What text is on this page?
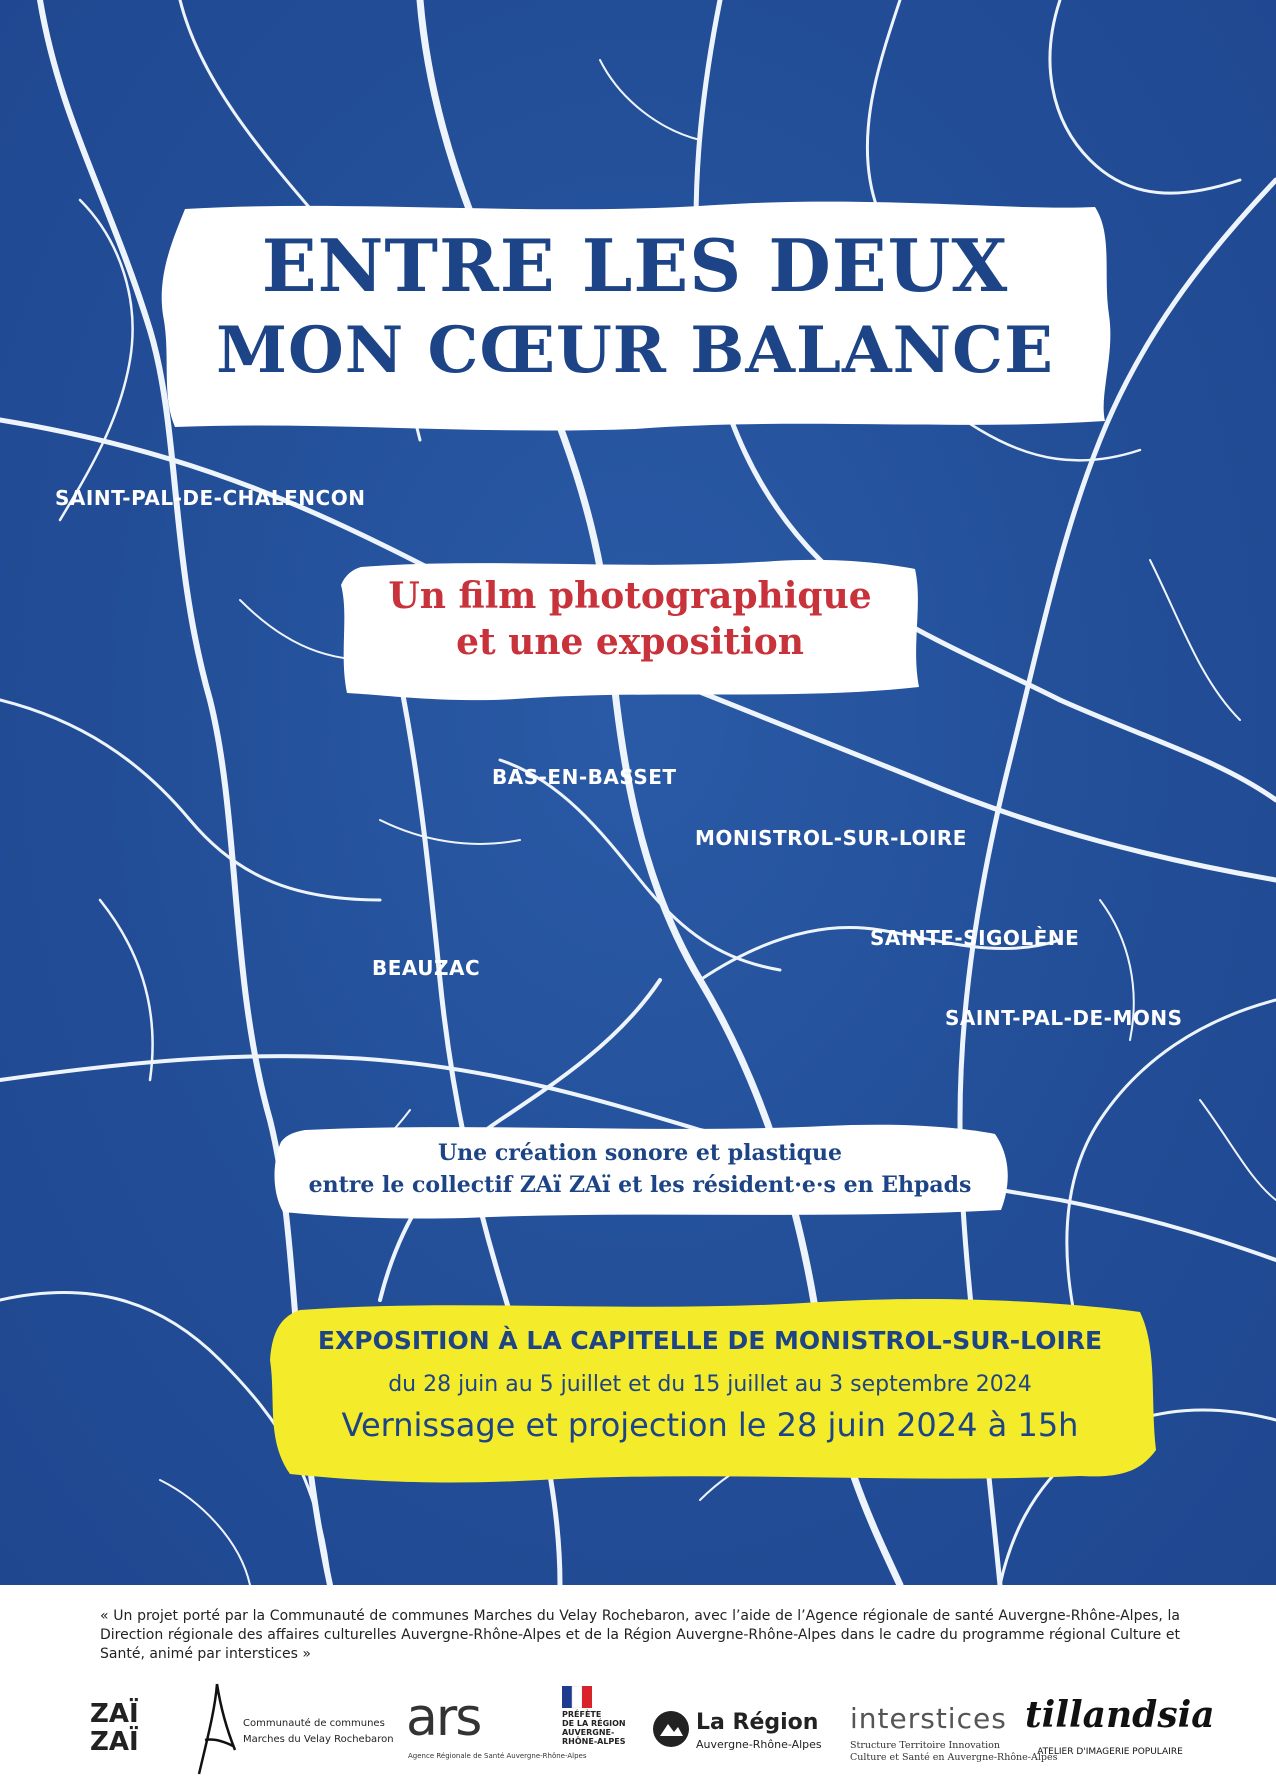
ENTRE LES DEUX
MON CŒUR BALANCE
SAINT-PAL-DE-CHALENCON
Un film photographique
et une exposition
BAS-EN-BASSET
MONISTROL-SUR-LOIRE
SAINTE-SIGOLÈNE
BEAUZAC
SAINT-PAL-DE-MONS
Une création sonore et plastique
entre le collectif ZAï ZAï et les résident·e·s en Ehpads
EXPOSITION À LA CAPITELLE DE MONISTROL-SUR-LOIRE
du 28 juin au 5 juillet et du 15 juillet au 3 septembre 2024
Vernissage et projection le 28 juin 2024 à 15h
« Un projet porté par la Communauté de communes Marches du Velay Rochebaron, avec l’aide de l’Agence régionale de santé Auvergne-Rhône-Alpes, la Direction régionale des affaires culturelles Auvergne-Rhône-Alpes et de la Région Auvergne-Rhône-Alpes dans le cadre du programme régional Culture et Santé, animé par interstices »
ZAÏ
ZAÏ
Communauté de communes
Marches du Velay Rochebaron ars
Agence Régionale de Santé Auvergne-Rhône-Alpes
PRÉFÈTE
DE LA RÉGION
AUVERGNE-
RHÔNE-ALPES
La Région
Auvergne-Rhône-Alpes
interstices
Structure Territoire Innovation
Culture et Santé en Auvergne-Rhône-Alpes
tillandsia
ATELIER D'IMAGERIE POPULAIRE
